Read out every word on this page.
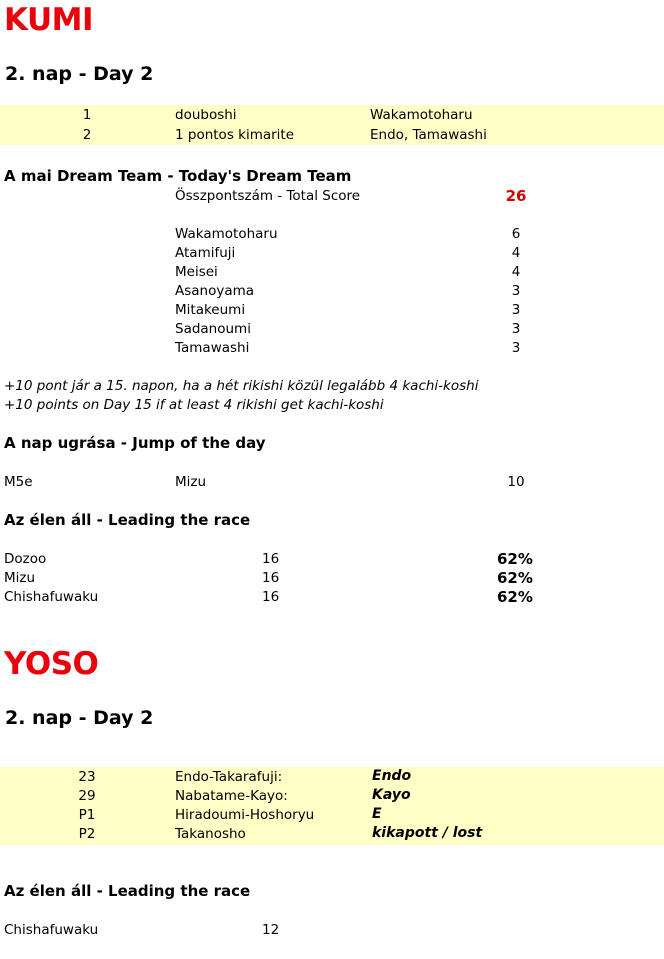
KUMI
2. nap - Day 2
1	douboshi	Wakamotoharu
2	1 pontos kimarite	Endo, Tamawashi
A mai Dream Team - Today's Dream Team
Összpontszám - Total Score	26
Wakamotoharu	6
Atamifuji	4
Meisei	4
Asanoyama	3
Mitakeumi	3
Sadanoumi	3
Tamawashi	3
+10 pont jár a 15. napon, ha a hét rikishi közül legalább 4 kachi-koshi
+10 points on Day 15 if at least 4 rikishi get kachi-koshi
A nap ugrása - Jump of the day
M5e	Mizu	10
Az élen áll - Leading the race
Dozoo	16	62%
Mizu	16	62%
Chishafuwaku	16	62%
YOSO
2. nap - Day 2
23	Endo-Takarafuji:	Endo
29	Nabatame-Kayo:	Kayo
P1	Hiradoumi-Hoshoryu	E
P2	Takanosho	kikapott / lost
Az élen áll - Leading the race
Chishafuwaku	12
